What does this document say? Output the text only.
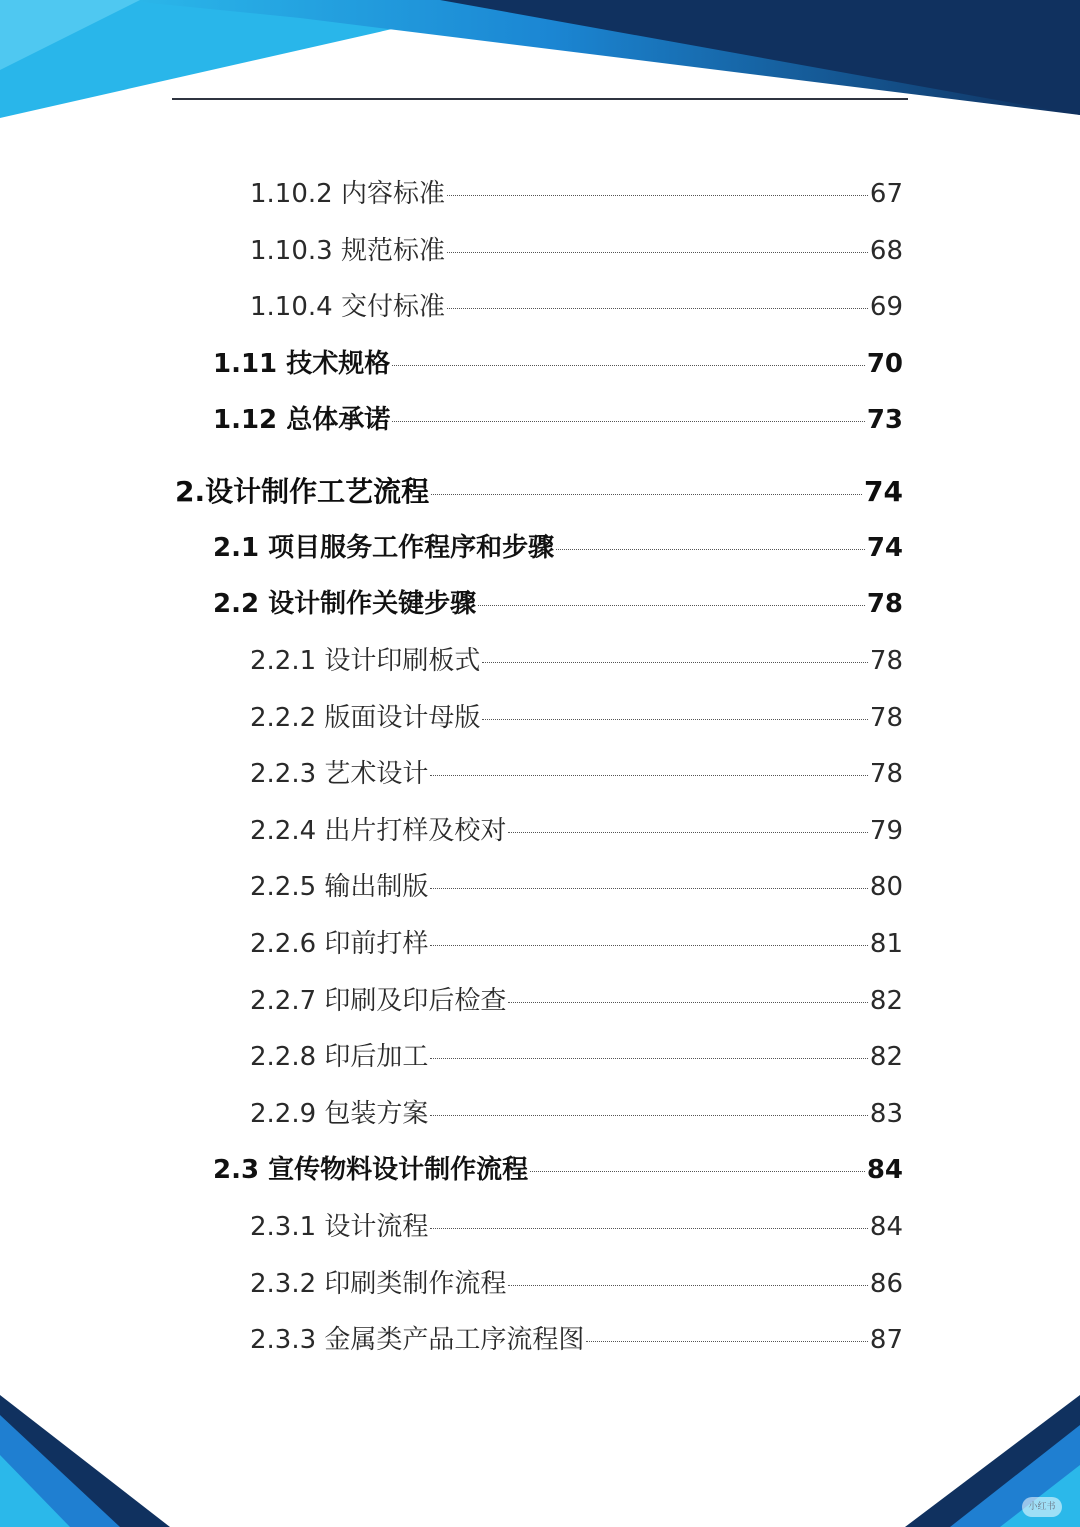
1.10.2 内容标准	67
1.10.3 规范标准	68
1.10.4 交付标准	69
1.11 技术规格	70
1.12 总体承诺	73
2.设计制作工艺流程	74
2.1 项目服务工作程序和步骤	74
2.2 设计制作关键步骤	78
2.2.1 设计印刷板式	78
2.2.2 版面设计母版	78
2.2.3 艺术设计	78
2.2.4 出片打样及校对	79
2.2.5 输出制版	80
2.2.6 印前打样	81
2.2.7 印刷及印后检查	82
2.2.8 印后加工	82
2.2.9 包装方案	83
2.3 宣传物料设计制作流程	84
2.3.1 设计流程	84
2.3.2 印刷类制作流程	86
2.3.3 金属类产品工序流程图	87
小红书
